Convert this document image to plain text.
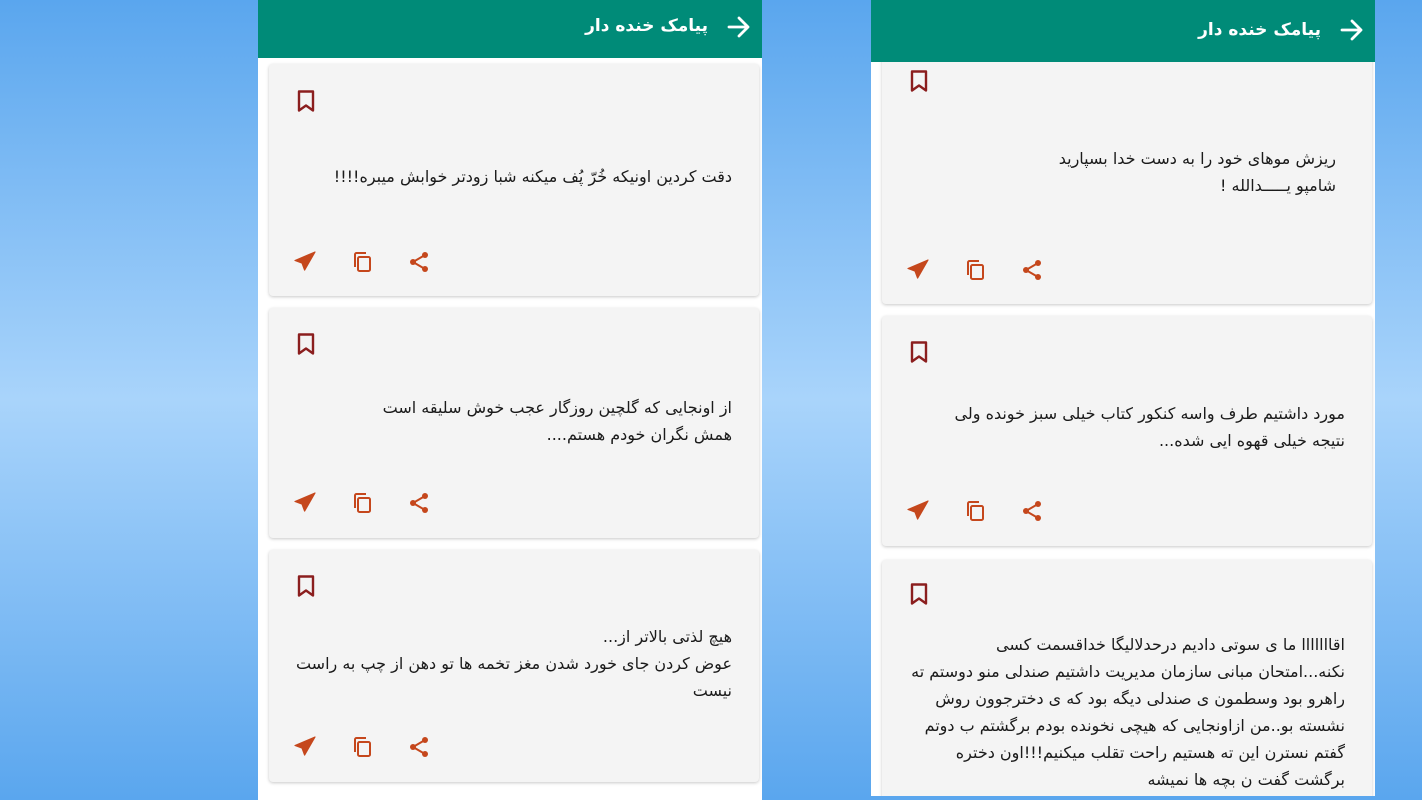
دقت کردین اونیکه خُرّ پُف میکنه شبا زودتر خوابش میبره!!!!
از اونجایی که گلچین روزگار عجب خوش سلیقه است
همش نگران خودم هستم....
هیچ لذتی بالاتر از...
عوض کردن جای خورد شدن مغز تخمه ها تو دهن از چپ به راست نیست
پیامک خنده دار
ریزش موهای خود را به دست خدا بسپارید
شامپو یـــــدالله !
مورد داشتیم طرف واسه کنکور کتاب خیلی سبز خونده ولی
نتیجه خیلی قهوه ایی شده...
اقااااااا ما ی سوتی دادیم درحدلالیگا خداقسمت کسی نکنه...امتحان مبانی سازمان مدیریت داشتیم صندلی منو دوستم ته راهرو بود وسطمون ی صندلی دیگه بود که ی دخترجوون روش نشسته بو..من ازاونجایی که هیچی نخونده بودم برگشتم ب دوتم گفتم نسترن این ته هستیم راحت تقلب میکنیم!!!اون دختره برگشت گفت ن بچه ها نمیشه
پیامک خنده دار
